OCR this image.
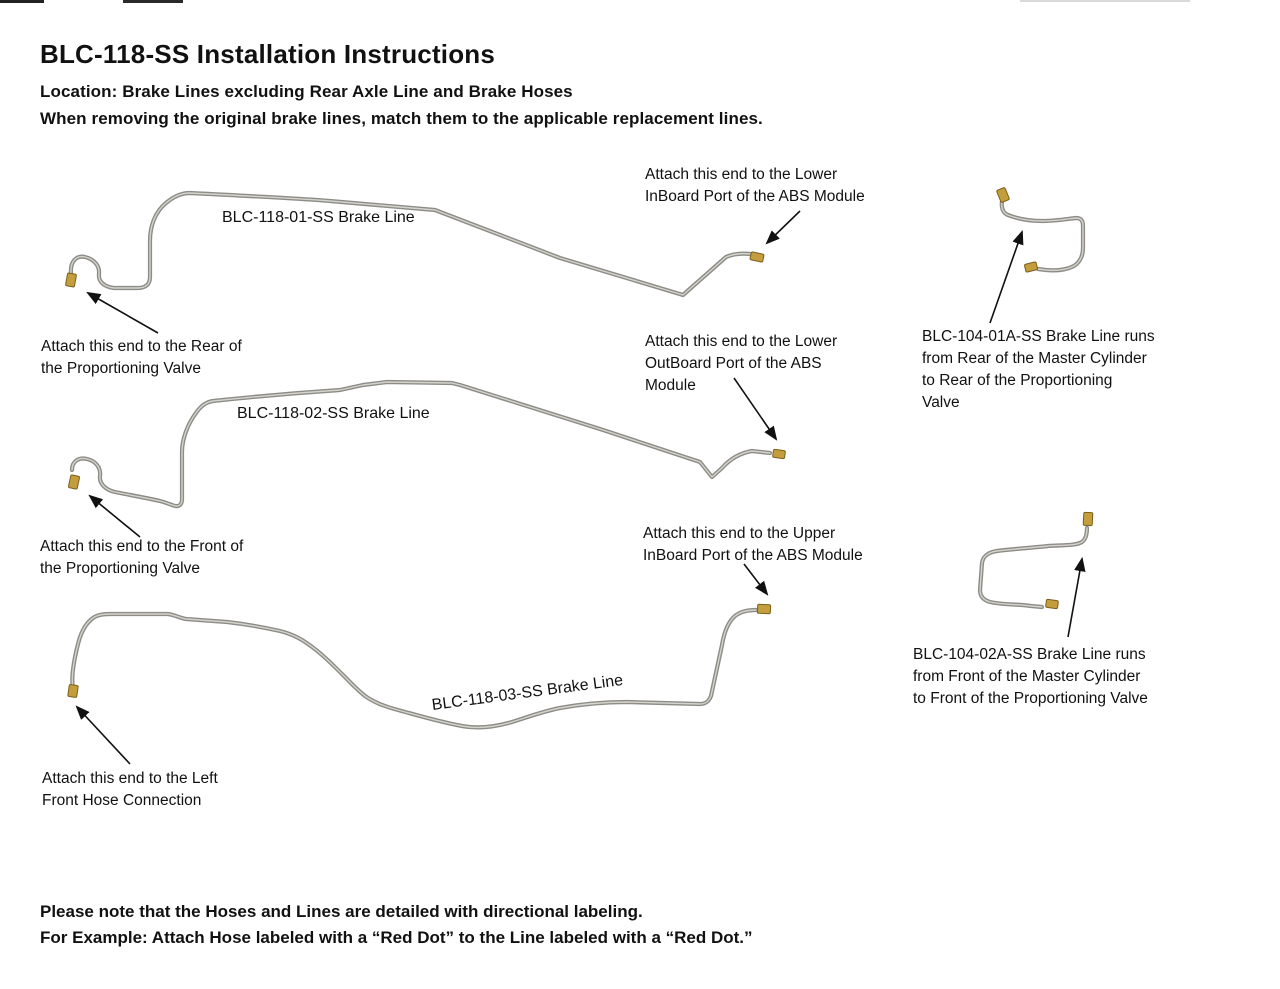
BLC-118-SS Installation Instructions
Location: Brake Lines excluding Rear Axle Line and Brake Hoses
When removing the original brake lines, match them to the applicable replacement lines.
BLC-118-01-SS Brake Line
BLC-118-02-SS Brake Line
BLC-118-03-SS Brake Line
Attach this end to the Lower
InBoard Port of the ABS Module
Attach this end to the Rear of
the Proportioning Valve
Attach this end to the Lower
OutBoard Port of the ABS
Module
Attach this end to the Front of
the Proportioning Valve
Attach this end to the Upper
InBoard Port of the ABS Module
Attach this end to the Left
Front Hose Connection
BLC-104-01A-SS Brake Line runs
from Rear of the Master Cylinder
to Rear of the Proportioning
Valve
BLC-104-02A-SS Brake Line runs
from Front of the Master Cylinder
to Front of the Proportioning Valve
Please note that the Hoses and Lines are detailed with directional labeling.
For Example: Attach Hose labeled with a “Red Dot” to the Line labeled with a “Red Dot.”
